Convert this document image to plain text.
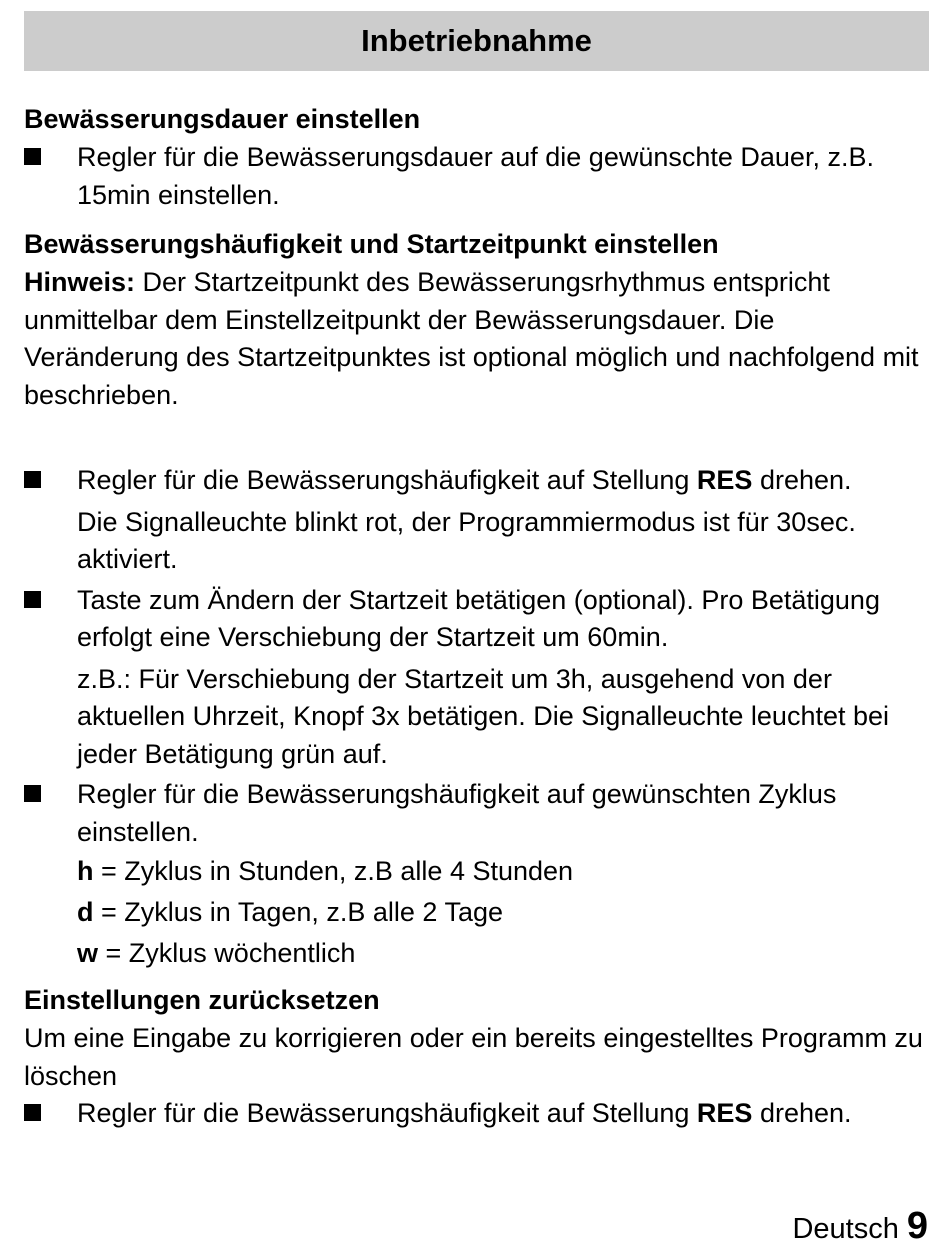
Inbetriebnahme
Bewässerungsdauer einstellen

Regler für die Bewässerungsdauer auf die gewünschte Dauer, z.B. 15min einstellen.

Bewässerungshäufigkeit und Startzeitpunkt einstellen
Hinweis: Der Startzeitpunkt des Bewässerungsrhythmus entspricht unmittelbar dem Einstellzeitpunkt der Bewässerungsdauer. Die Veränderung des Startzeitpunktes ist optional möglich und nachfolgend mit beschrieben.

Regler für die Bewässerungshäufigkeit auf Stellung RES drehen.

Die Signalleuchte blinkt rot, der Programmiermodus ist für 30sec. aktiviert.

Taste zum Ändern der Startzeit betätigen (optional). Pro Betätigung erfolgt eine Verschiebung der Startzeit um 60min.

z.B.: Für Verschiebung der Startzeit um 3h, ausgehend von der aktuellen Uhrzeit, Knopf 3x betätigen. Die Signalleuchte leuchtet bei jeder Betätigung grün auf.

Regler für die Bewässerungshäufigkeit auf gewünschten Zyklus einstellen.

h = Zyklus in Stunden, z.B alle 4 Stunden
d = Zyklus in Tagen, z.B alle 2 Tage
w = Zyklus wöchentlich
Einstellungen zurücksetzen
Um eine Eingabe zu korrigieren oder ein bereits eingestelltes Programm zu löschen

Regler für die Bewässerungshäufigkeit auf Stellung RES drehen.

Deutsch 9
